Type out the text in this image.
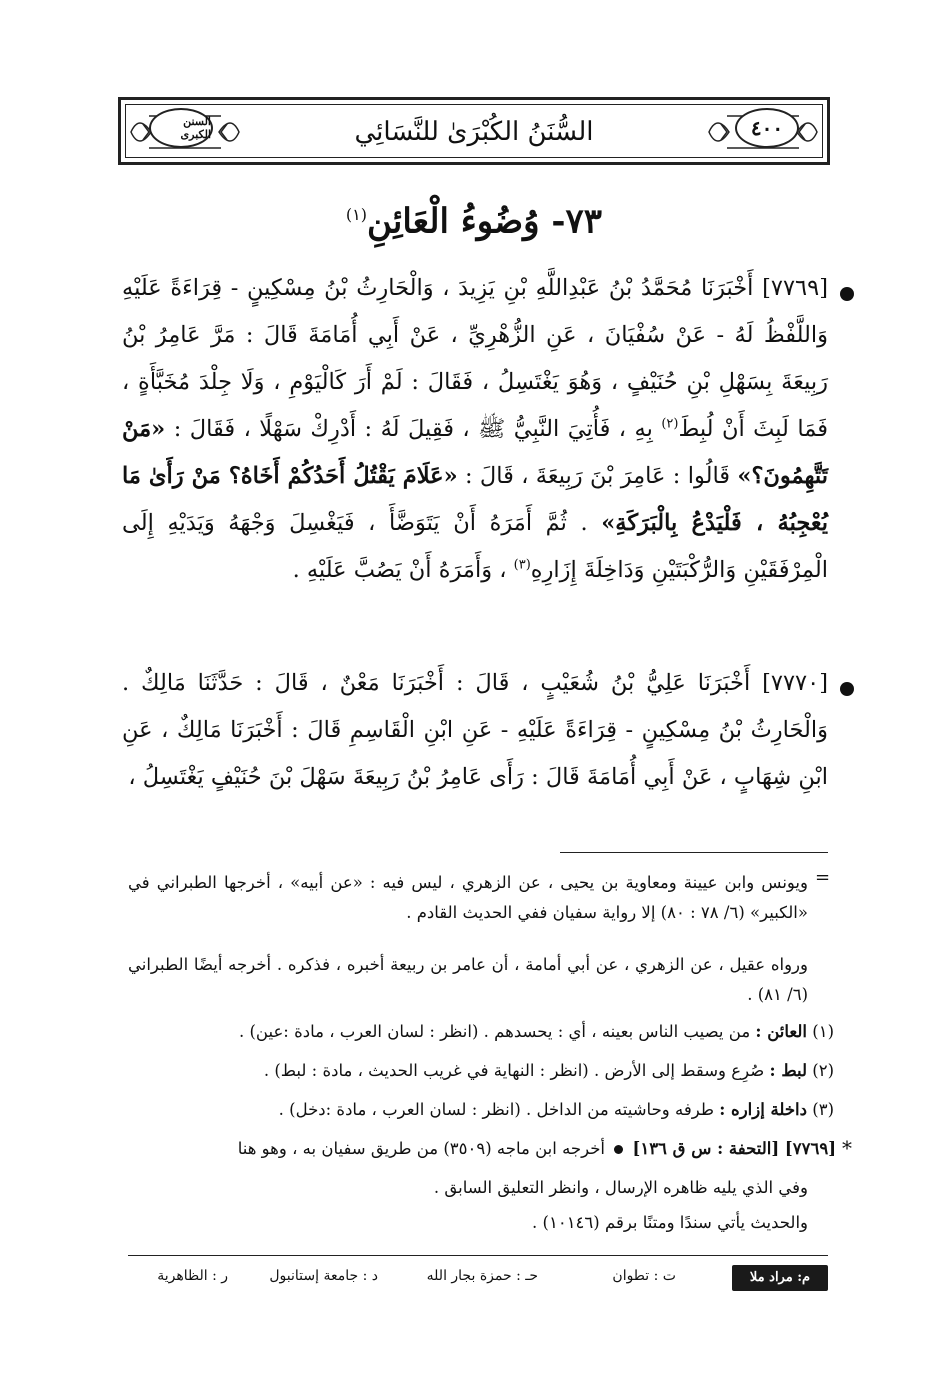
السنن الكبرى	السُّنَنُ الكُبْرَىٰ للنَّسَائِي	٤٠٠
٧٣- وُضُوءُ الْعَائِنِ$^{(١)}$
[٧٧٦٩] أَخْبَرَنَا مُحَمَّدُ بْنُ عَبْدِاللَّهِ بْنِ يَزِيدَ ، وَالْحَارِثُ بْنُ مِسْكِينٍ - قِرَاءَةً عَلَيْهِ وَاللَّفْظُ لَهُ - عَنْ سُفْيَانَ ، عَنِ الزُّهْرِيِّ ، عَنْ أَبِي أُمَامَةَ قَالَ : مَرَّ عَامِرُ بْنُ رَبِيعَةَ بِسَهْلِ بْنِ حُنَيْفٍ ، وَهُوَ يَغْتَسِلُ ، فَقَالَ : لَمْ أَرَ كَالْيَوْمِ ، وَلَا جِلْدَ مُخَبَّأَةٍ ، فَمَا لَبِثَ أَنْ لُبِطَ$^{(٢)}$ بِهِ ، فَأُتِيَ النَّبِيُّ ﷺ ، فَقِيلَ لَهُ : أَدْرِكْ سَهْلًا ، فَقَالَ : «مَنْ تَتَّهِمُونَ؟» قَالُوا : عَامِرَ بْنَ رَبِيعَةَ ، قَالَ : «عَلَامَ يَقْتُلُ أَحَدُكُمْ أَخَاهُ؟ مَنْ رَأَىٰ مَا يُعْجِبُهُ ، فَلْيَدْعُ بِالْبَرَكَةِ» . ثُمَّ أَمَرَهُ أَنْ يَتَوَضَّأَ ، فَيَغْسِلَ وَجْهَهُ وَيَدَيْهِ إِلَى الْمِرْفَقَيْنِ وَالرُّكْبَتَيْنِ وَدَاخِلَةَ إِزَارِهِ$^{(٣)}$ ، وَأَمَرَهُ أَنْ يَصُبَّ عَلَيْهِ .
[٧٧٧٠] أَخْبَرَنَا عَلِيُّ بْنُ شُعَيْبٍ ، قَالَ : أَخْبَرَنَا مَعْنٌ ، قَالَ : حَدَّثَنَا مَالِكٌ . وَالْحَارِثُ بْنُ مِسْكِينٍ - قِرَاءَةً عَلَيْهِ - عَنِ ابْنِ الْقَاسِمِ قَالَ : أَخْبَرَنَا مَالِكٌ ، عَنِ ابْنِ شِهَابٍ ، عَنْ أَبِي أُمَامَةَ قَالَ : رَأَى عَامِرُ بْنُ رَبِيعَةَ سَهْلَ بْنَ حُنَيْفٍ يَغْتَسِلُ ،
=
ويونس وابن عيينة ومعاوية بن يحيى ، عن الزهري ، ليس فيه : «عن أبيه» ، أخرجها الطبراني في «الكبير» (٦/ ٧٨ : ٨٠) إلا رواية سفيان ففي الحديث القادم .
ورواه عقيل ، عن الزهري ، عن أبي أمامة ، أن عامر بن ربيعة أخبره ، فذكره . أخرجه أيضًا الطبراني (٦/ ٨١) .
(١) العائن : من يصيب الناس بعينه ، أي : يحسدهم . (انظر : لسان العرب ، مادة :عين) .
(٢) لبط : صُرِع وسقط إلى الأرض . (انظر : النهاية في غريب الحديث ، مادة : لبط) .
(٣) داخلة إزاره : طرفه وحاشيته من الداخل . (انظر : لسان العرب ، مادة :دخل) .
*
[٧٧٦٩] [التحفة : س ق ١٣٦]  أخرجه ابن ماجه (٣٥٠٩) من طريق سفيان به ، وهو هنا
وفي الذي يليه ظاهره الإرسال ، وانظر التعليق السابق .
والحديث يأتي سندًا ومتنًا برقم (١٠١٤٦) .
م: مراد ملا
ت : تطوان
حـ : حمزة بجار الله
د : جامعة إستانبول
ر : الظاهرية
